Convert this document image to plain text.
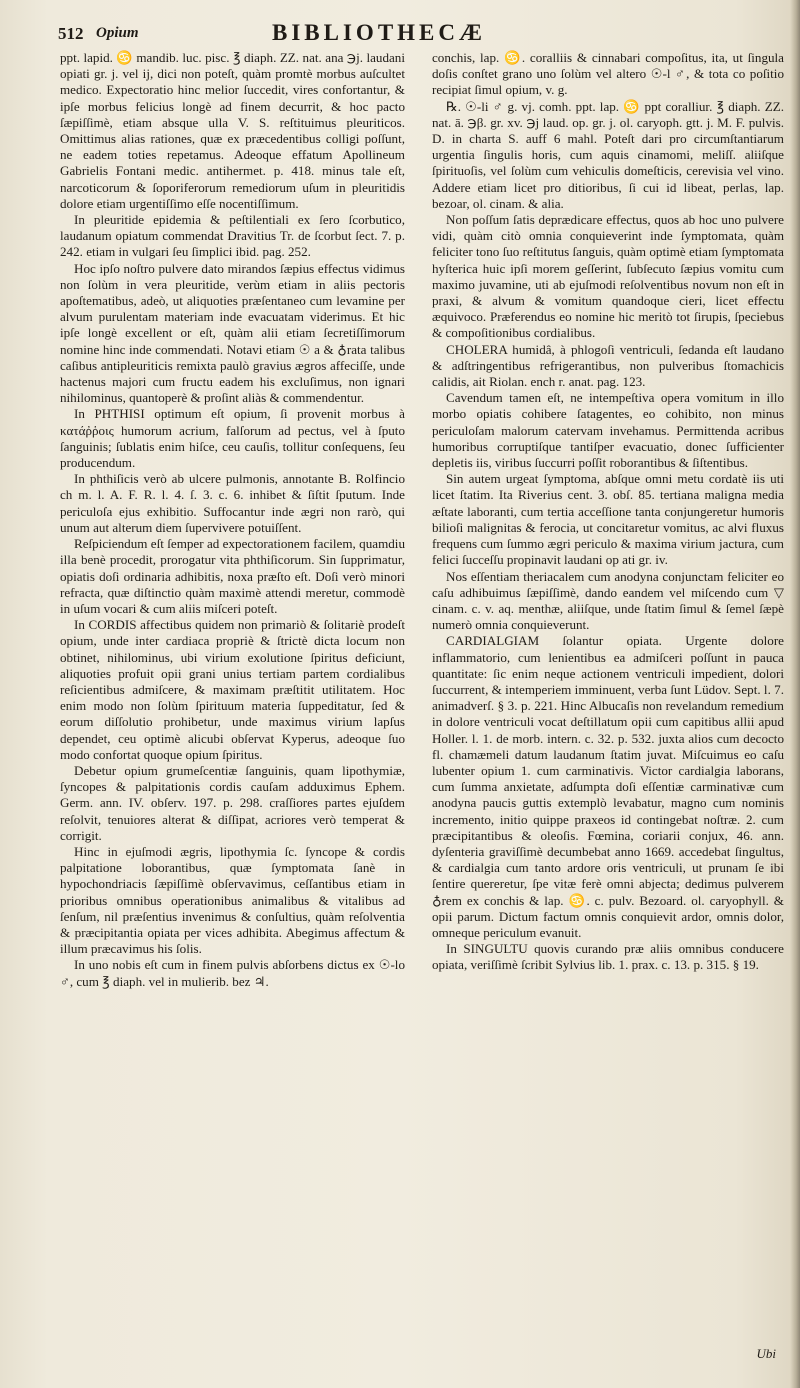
512 Opium	BIBLIOTHECÆ

ppt. lapid. ♋ mandib. luc. pisc. ℥ diaph. ZZ. nat. ana ℈j. laudani opiati gr. j. vel ij, dici non poteſt, quàm promtè morbus auſcultet medico. Expectoratio hinc melior ſuccedit, vires confortantur, & ipſe morbus felicius longè ad finem decurrit, & hoc pacto ſæpiſſimè, etiam absque ulla V. S. reſtituimus pleuriticos. Omittimus alias rationes, quæ ex præcedentibus colligi poſſunt, ne eadem toties repetamus. Adeoque effatum Apollineum Gabrielis Fontani medic. antihermet. p. 418. minus tale eſt, narcoticorum & ſoporiferorum remediorum uſum in pleuritidis dolore etiam urgentiſſimo eſſe nocentiſſimum.

In pleuritide epidemia & peſtilentiali ex ſero ſcorbutico, laudanum opiatum commendat Dravitius Tr. de ſcorbut ſect. 7. p. 242. etiam in vulgari ſeu ſimplici ibid. pag. 252.

Hoc ipſo noſtro pulvere dato mirandos ſæpius effectus vidimus non ſolùm in vera pleuritide, verùm etiam in aliis pectoris apoſtematibus, adeò, ut aliquoties præſentaneo cum levamine per alvum purulentam materiam inde evacuatam viderimus. Et hic ipſe longè excellent or eſt, quàm alii etiam ſecretiſſimorum nomine hinc inde commendati. Notavi etiam ☉ a & ♁rata talibus caſibus antipleuriticis remixta paulò gravius ægros affeciſſe, unde hactenus majori cum fructu eadem his excluſimus, non ignari nihilominus, quantoperè & proſint aliàs & commendentur.

In PHTHISI optimum eſt opium, ſi provenit morbus à κατάῤῥοις humorum acrium, falſorum ad pectus, vel à ſputo ſanguinis; ſublatis enim hiſce, ceu cauſis, tollitur conſequens, ſeu producendum.

In phthiſicis verò ab ulcere pulmonis, annotante B. Rolfincio ch m. l. A. F. R. l. 4. ſ. 3. c. 6. inhibet & ſiſtit ſputum. Inde periculoſa ejus exhibitio. Suffocantur inde ægri non rarò, qui unum aut alterum diem ſupervivere potuiſſent.

Reſpiciendum eſt ſemper ad expectorationem facilem, quamdiu illa benè procedit, prorogatur vita phthiſicorum. Sin ſupprimatur, opiatis doſi ordinaria adhibitis, noxa præſto eſt. Doſi verò minori refracta, quæ diſtinctio quàm maximè attendi meretur, commodè in uſum vocari & cum aliis miſceri poteſt.

In CORDIS affectibus quidem non primariò & ſolitariè prodeſt opium, unde inter cardiaca propriè & ſtrictè dicta locum non obtinet, nihilominus, ubi virium exolutione ſpiritus deficiunt, aliquoties profuit opii grani unius tertiam partem cordialibus reſicientibus admiſcere, & maximam præſtitit utilitatem. Hoc enim modo non ſolùm ſpirituum materia ſuppeditatur, ſed & eorum diſſolutio prohibetur, unde maximus virium lapſus dependet, ceu optimè alicubi obſervat Kyperus, adeoque ſuo modo confortat quoque opium ſpiritus.

Debetur opium grumeſcentiæ ſanguinis, quam lipothymiæ, ſyncopes & palpitationis cordis cauſam adduximus Ephem. Germ. ann. IV. obſerv. 197. p. 298. craſſiores partes ejuſdem reſolvit, tenuiores alterat & diſſipat, acriores verò temperat & corrigit.

Hinc in ejuſmodi ægris, lipothymia ſc. ſyncope & cordis palpitatione loborantibus, quæ ſymptomata ſanè in hypochondriacis ſæpiſſimè obſervavimus, ceſſantibus etiam in prioribus omnibus operationibus animalibus & vitalibus ad ſenſum, nil præſentius invenimus & conſultius, quàm reſolventia & præcipitantia opiata per vices adhibita. Abegimus affectum & illum præcavimus his ſolis.

In uno nobis eſt cum in finem pulvis abſorbens dictus ex ☉-lo ♂, cum ℥ diaph. vel in mulierib. bez ♃.

conchis, lap. ♋. coralliis & cinnabari compoſitus, ita, ut ſingula doſis conſtet grano uno ſolùm vel altero ☉-l ♂, & tota co poſitio recipiat ſimul opium, v. g.

℞. ☉-li ♂ g. vj. comh. ppt. lap. ♋ ppt coralliur. ℥ diaph. ZZ. nat. ā. ℈β. gr. xv. ℈j laud. op. gr. j. ol. caryoph. gtt. j. M. F. pulvis. D. in charta S. auff 6 mahl. Poteſt dari pro circumſtantiarum urgentia ſingulis horis, cum aquis cinamomi, meliſſ. aliiſque ſpirituoſis, vel ſolùm cum vehiculis domeſticis, cerevisia vel vino. Addere etiam licet pro ditioribus, ſi cui id libeat, perlas, lap. bezoar, ol. cinam. & alia.

Non poſſum ſatis deprædicare effectus, quos ab hoc uno pulvere vidi, quàm citò omnia conquieverint inde ſymptomata, quàm feliciter tono ſuo reſtitutus ſanguis, quàm optimè etiam ſymptomata hyſterica huic ipſi morem geſſerint, ſubſecuto ſæpius vomitu cum maximo juvamine, uti ab ejuſmodi reſolventibus novum non eſt in praxi, & alvum & vomitum quandoque cieri, licet effectu æquivoco. Præferendus eo nomine hic meritò tot ſirupis, ſpeciebus & compoſitionibus cordialibus.

CHOLERA humidâ, à phlogoſi ventriculi, ſedanda eſt laudano & adſtringentibus refrigerantibus, non pulveribus ſtomachicis calidis, ait Riolan. ench r. anat. pag. 123.

Cavendum tamen eſt, ne intempeſtiva opera vomitum in illo morbo opiatis cohibere ſatagentes, eo cohibito, non minus periculoſam malorum catervam invehamus. Permittenda acribus humoribus corruptiſque tantiſper evacuatio, donec ſufficienter depletis iis, viribus ſuccurri poſſit roborantibus & ſiſtentibus.

Sin autem urgeat ſymptoma, abſque omni metu cordatè iis uti licet ſtatim. Ita Riverius cent. 3. obſ. 85. tertiana maligna media æſtate laboranti, cum tertia acceſſione tanta conjungeretur humoris bilioſi malignitas & ferocia, ut concitaretur vomitus, ac alvi fluxus frequens cum ſummo ægri periculo & maxima virium jactura, cum felici ſucceſſu propinavit laudani op ati gr. iv.

Nos eſſentiam theriacalem cum anodyna conjunctam feliciter eo caſu adhibuimus ſæpiſſimè, dando eandem vel miſcendo cum ▽ cinam. c. v. aq. menthæ, aliiſque, unde ſtatim ſimul & ſemel ſæpè numerò omnia conquieverunt.

CARDIALGIAM ſolantur opiata. Urgente dolore inflammatorio, cum lenientibus ea admiſceri poſſunt in pauca quantitate: ſic enim neque actionem ventriculi impedient, dolori ſuccurrent, & intemperiem imminuent, verba ſunt Lüdov. Sept. l. 7. animadverſ. § 3. p. 221. Hinc Albucaſis non revelandum remedium in dolore ventriculi vocat deſtillatum opii cum capitibus allii apud Holler. l. 1. de morb. intern. c. 32. p. 532. juxta alios cum decocto fl. chamæmeli datum laudanum ſtatim juvat. Miſcuimus eo caſu lubenter opium 1. cum carminativis. Victor cardialgia laborans, cum ſumma anxietate, adſumpta doſi eſſentiæ carminativæ cum anodyna paucis guttis extemplò levabatur, magno cum nominis incremento, initio quippe praxeos id contingebat noſtræ. 2. cum præcipitantibus & oleoſis. Fœmina, coriarii conjux, 46. ann. dyſenteria graviſſimè decumbebat anno 1669. accedebat ſingultus, & cardialgia cum tanto ardore oris ventriculi, ut prunam ſe ibi ſentire quereretur, ſpe vitæ ferè omni abjecta; dedimus pulverem ♁rem ex conchis & lap. ♋. c. pulv. Bezoard. ol. caryophyll. & opii parum. Dictum factum omnis conquievit ardor, omnis dolor, omneque periculum evanuit.

In SINGULTU quovis curando præ aliis omnibus conducere opiata, veriſſimè ſcribit Sylvius lib. 1. prax. c. 13. p. 315. § 19.

Ubi
